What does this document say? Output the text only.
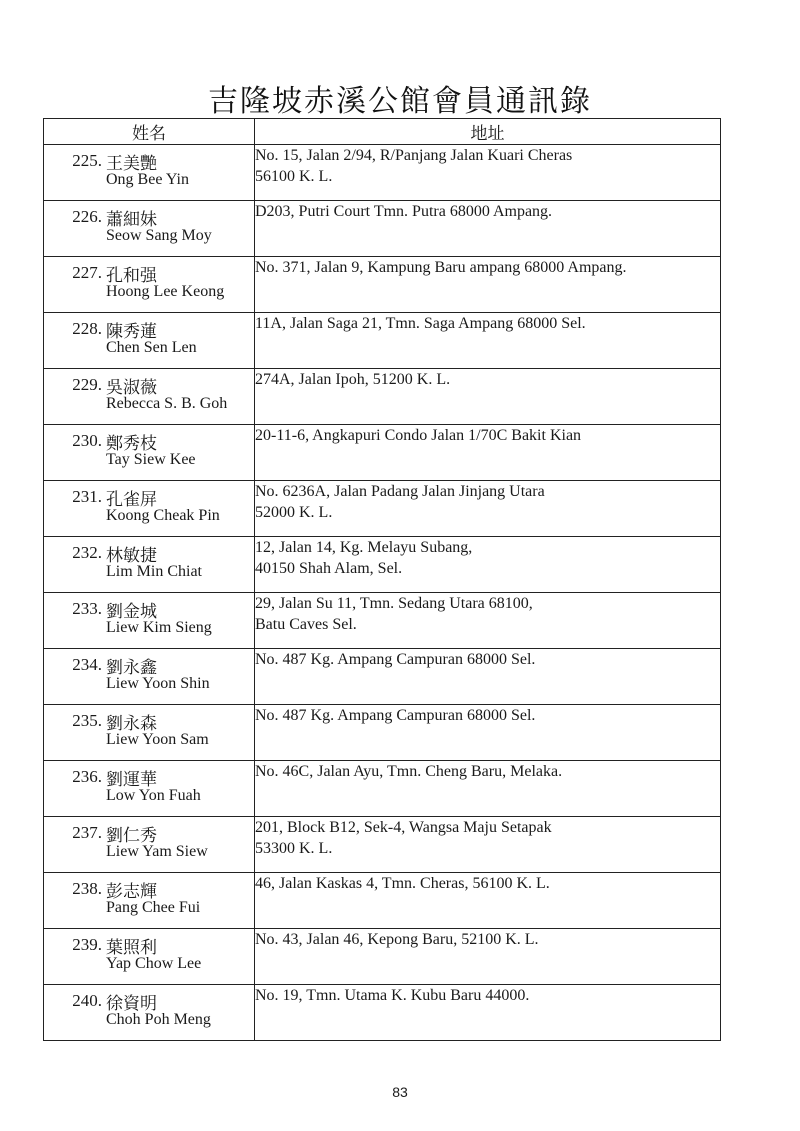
吉隆坡赤溪公館會員通訊錄
姓名	地址

225. 王美艷
Ong Bee Yin	No. 15, Jalan 2/94, R/Panjang Jalan Kuari Cheras
56100 K. L.

226. 蕭細妹
Seow Sang Moy	D203, Putri Court Tmn. Putra 68000 Ampang.

227. 孔和强
Hoong Lee Keong	No. 371, Jalan 9, Kampung Baru ampang 68000 Ampang.

228. 陳秀蓮
Chen Sen Len	11A, Jalan Saga 21, Tmn. Saga Ampang 68000 Sel.

229. 吳淑薇
Rebecca S. B. Goh	274A, Jalan Ipoh, 51200 K. L.

230. 鄭秀枝
Tay Siew Kee	20-11-6, Angkapuri Condo Jalan 1/70C Bakit Kian

231. 孔雀屏
Koong Cheak Pin	No. 6236A, Jalan Padang Jalan Jinjang Utara
52000 K. L.

232. 林敏捷
Lim Min Chiat	12, Jalan 14, Kg. Melayu Subang,
40150 Shah Alam, Sel.

233. 劉金城
Liew Kim Sieng	29, Jalan Su 11, Tmn. Sedang Utara 68100,
Batu Caves Sel.

234. 劉永鑫
Liew Yoon Shin	No. 487 Kg. Ampang Campuran 68000 Sel.

235. 劉永森
Liew Yoon Sam	No. 487 Kg. Ampang Campuran 68000 Sel.

236. 劉運華
Low Yon Fuah	No. 46C, Jalan Ayu, Tmn. Cheng Baru, Melaka.

237. 劉仁秀
Liew Yam Siew	201, Block B12, Sek-4, Wangsa Maju Setapak
53300 K. L.

238. 彭志輝
Pang Chee Fui	46, Jalan Kaskas 4, Tmn. Cheras, 56100 K. L.

239. 葉照利
Yap Chow Lee	No. 43, Jalan 46, Kepong Baru, 52100 K. L.

240. 徐資明
Choh Poh Meng	No. 19, Tmn. Utama K. Kubu Baru 44000.
83
